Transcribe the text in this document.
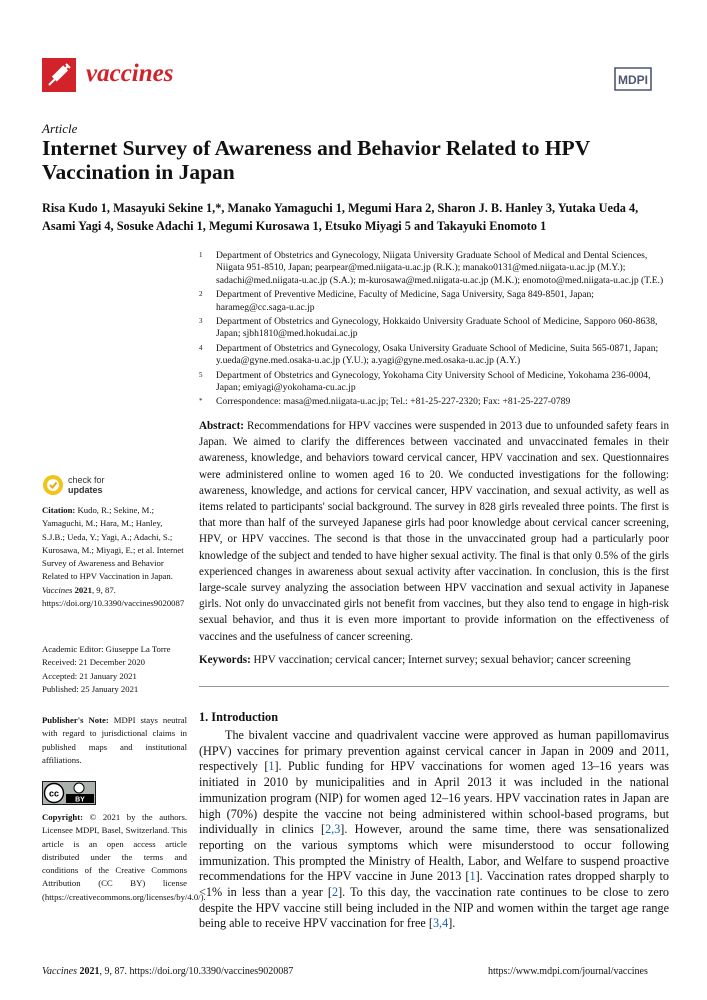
vaccines	MDPI
Article
Internet Survey of Awareness and Behavior Related to HPV Vaccination in Japan
Risa Kudo 1, Masayuki Sekine 1,*, Manako Yamaguchi 1, Megumi Hara 2, Sharon J. B. Hanley 3, Yutaka Ueda 4,
Asami Yagi 4, Sosuke Adachi 1, Megumi Kurosawa 1, Etsuko Miyagi 5 and Takayuki Enomoto 1
1	Department of Obstetrics and Gynecology, Niigata University Graduate School of Medical and Dental Sciences, Niigata 951-8510, Japan; pearpear@med.niigata-u.ac.jp (R.K.); manako0131@med.niigata-u.ac.jp (M.Y.); sadachi@med.niigata-u.ac.jp (S.A.); m-kurosawa@med.niigata-u.ac.jp (M.K.); enomoto@med.niigata-u.ac.jp (T.E.)
2	Department of Preventive Medicine, Faculty of Medicine, Saga University, Saga 849-8501, Japan; harameg@cc.saga-u.ac.jp
3	Department of Obstetrics and Gynecology, Hokkaido University Graduate School of Medicine, Sapporo 060-8638, Japan; sjbh1810@med.hokudai.ac.jp
4	Department of Obstetrics and Gynecology, Osaka University Graduate School of Medicine, Suita 565-0871, Japan; y.ueda@gyne.med.osaka-u.ac.jp (Y.U.); a.yagi@gyne.med.osaka-u.ac.jp (A.Y.)
5	Department of Obstetrics and Gynecology, Yokohama City University School of Medicine, Yokohama 236-0004, Japan; emiyagi@yokohama-cu.ac.jp
*	Correspondence: masa@med.niigata-u.ac.jp; Tel.: +81-25-227-2320; Fax: +81-25-227-0789
Abstract: Recommendations for HPV vaccines were suspended in 2013 due to unfounded safety fears in Japan. We aimed to clarify the differences between vaccinated and unvaccinated females in their awareness, knowledge, and behaviors toward cervical cancer, HPV vaccination and sex. Questionnaires were administered online to women aged 16 to 20. We conducted investigations for the following: awareness, knowledge, and actions for cervical cancer, HPV vaccination, and sexual activity, as well as items related to participants' social background. The survey in 828 girls revealed three points. The first is that more than half of the surveyed Japanese girls had poor knowledge about cervical cancer screening, HPV, or HPV vaccines. The second is that those in the unvaccinated group had a particularly poor knowledge of the subject and tended to have higher sexual activity. The final is that only 0.5% of the girls experienced changes in awareness about sexual activity after vaccination. In conclusion, this is the first large-scale survey analyzing the association between HPV vaccination and sexual activity in Japanese girls. Not only do unvaccinated girls not benefit from vaccines, but they also tend to engage in high-risk sexual behavior, and thus it is even more important to provide information on the effectiveness of vaccines and the usefulness of cancer screening.
Keywords: HPV vaccination; cervical cancer; Internet survey; sexual behavior; cancer screening
1. Introduction
The bivalent vaccine and quadrivalent vaccine were approved as human papillomavirus (HPV) vaccines for primary prevention against cervical cancer in Japan in 2009 and 2011, respectively [1]. Public funding for HPV vaccinations for women aged 13–16 years was initiated in 2010 by municipalities and in April 2013 it was included in the national immunization program (NIP) for women aged 12–16 years. HPV vaccination rates in Japan are high (70%) despite the vaccine not being administered within school-based programs, but individually in clinics [2,3]. However, around the same time, there was sensationalized reporting on the various symptoms which were misunderstood to occur following immunization. This prompted the Ministry of Health, Labor, and Welfare to suspend proactive recommendations for the HPV vaccine in June 2013 [1]. Vaccination rates dropped sharply to <1% in less than a year [2]. To this day, the vaccination rate continues to be close to zero despite the HPV vaccine still being included in the NIP and women within the target age range being able to receive HPV vaccination for free [3,4].
check for
updates
Citation: Kudo, R.; Sekine, M.; Yamaguchi, M.; Hara, M.; Hanley, S.J.B.; Ueda, Y.; Yagi, A.; Adachi, S.; Kurosawa, M.; Miyagi, E.; et al. Internet Survey of Awareness and Behavior Related to HPV Vaccination in Japan. Vaccines 2021, 9, 87. https://doi.org/10.3390/vaccines9020087
Academic Editor: Giuseppe La Torre
Received: 21 December 2020
Accepted: 21 January 2021
Published: 25 January 2021
Publisher's Note: MDPI stays neutral with regard to jurisdictional claims in published maps and institutional affiliations.
cc
BY
Copyright: © 2021 by the authors. Licensee MDPI, Basel, Switzerland. This article is an open access article distributed under the terms and conditions of the Creative Commons Attribution (CC BY) license (https://creativecommons.org/licenses/by/4.0/).
Vaccines 2021, 9, 87. https://doi.org/10.3390/vaccines9020087	https://www.mdpi.com/journal/vaccines
